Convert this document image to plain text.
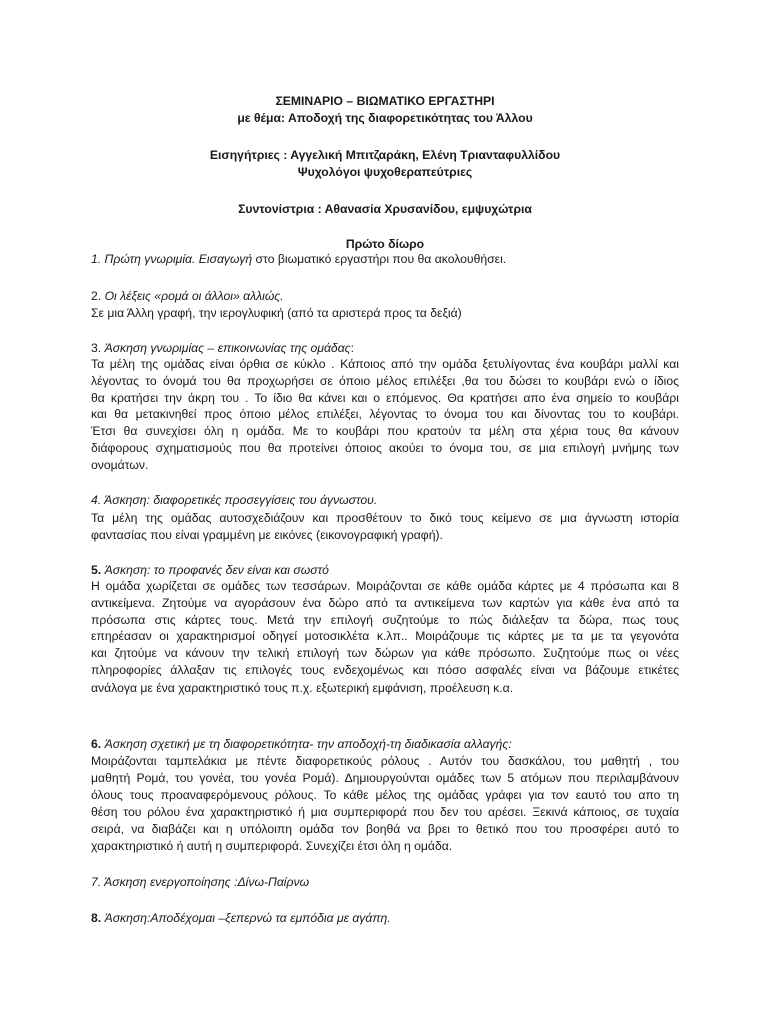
ΣΕΜΙΝΑΡΙΟ – ΒΙΩΜΑΤΙΚΟ ΕΡΓΑΣΤΗΡΙ
με θέμα: Αποδοχή της διαφορετικότητας του Άλλου
Εισηγήτριες : Αγγελική Μπιτζαράκη, Ελένη Τριανταφυλλίδου
Ψυχολόγοι ψυχοθεραπεύτριες
Συντονίστρια : Αθανασία Χρυσανίδου, εμψυχώτρια
Πρώτο δίωρο
1. Πρώτη γνωριμία. Εισαγωγή στο βιωματικό εργαστήρι που θα ακολουθήσει.
2. Οι λέξεις «ρομά οι άλλοι» αλλιώς.
Σε μια Άλλη γραφή, την ιερογλυφική (από τα αριστερά προς τα δεξιά)
3. Άσκηση γνωριμίας – επικοινωνίας της ομάδας:
Τα μέλη της ομάδας είναι όρθια σε κύκλο . Κάποιος από την ομάδα ξετυλίγοντας ένα κουβάρι μαλλί και
λέγοντας το όνομά του θα προχωρήσει σε όποιο μέλος επιλέξει ,θα του δώσει το κουβάρι ενώ ο ίδιος
θα κρατήσει την άκρη του . Το ίδιο θα κάνει και ο επόμενος. Θα κρατήσει απο ένα σημείο το κουβάρι
και θα μετακινηθεί προς όποιο μέλος επιλέξει, λέγοντας το όνομα του και δίνοντας του το κουβάρι.
Έτσι θα συνεχίσει όλη η ομάδα. Με το κουβάρι που κρατούν τα μέλη στα χέρια τους θα κάνουν
διάφορους σχηματισμούς που θα προτείνει όποιος ακούει το όνομα του, σε μια επιλογή μνήμης των
ονομάτων.
4. Άσκηση: διαφορετικές προσεγγίσεις του άγνωστου.
Τα μέλη της ομάδας αυτοσχεδιάζουν και προσθέτουν το δικό τους κείμενο σε μια άγνωστη ιστορία
φαντασίας που είναι γραμμένη με εικόνες (εικονογραφική γραφή).
5. Άσκηση: το προφανές δεν είναι και σωστό
Η ομάδα χωρίζεται σε ομάδες των τεσσάρων. Μοιράζονται σε κάθε ομάδα κάρτες με 4 πρόσωπα και 8
αντικείμενα. Ζητούμε να αγοράσουν ένα δώρο από τα αντικείμενα των καρτών για κάθε ένα από τα
πρόσωπα στις κάρτες τους. Μετά την επιλογή συζητούμε το πώς διάλεξαν τα δώρα, πως τους
επηρέασαν οι χαρακτηρισμοί οδηγεί μοτοσικλέτα κ.λπ.. Μοιράζουμε τις κάρτες με τα με τα γεγονότα
και ζητούμε να κάνουν την τελική επιλογή των δώρων για κάθε πρόσωπο. Συζητούμε πως οι νέες
πληροφορίες άλλαξαν τις επιλογές τους ενδεχομένως και πόσο ασφαλές είναι να βάζουμε ετικέτες
ανάλογα με ένα χαρακτηριστικό τους π.χ. εξωτερική εμφάνιση, προέλευση κ.α.
6. Άσκηση σχετική με τη διαφορετικότητα- την αποδοχή-τη διαδικασία αλλαγής:
Μοιράζονται ταμπελάκια με πέντε διαφορετικούς ρόλους . Αυτόν του δασκάλου, του μαθητή , του
μαθητή Ρομά, του γονέα, του γονέα Ρομά). Δημιουργούνται ομάδες των 5 ατόμων που περιλαμβάνουν
όλους τους προαναφερόμενους ρόλους. Το κάθε μέλος της ομάδας γράφει για τον εαυτό του απο τη
θέση του ρόλου ένα χαρακτηριστικό ή μια συμπεριφορά που δεν του αρέσει. Ξεκινά κάποιος, σε τυχαία
σειρά, να διαβάζει και η υπόλοιπη ομάδα τον βοηθά να βρει το θετικό που του προσφέρει αυτό το
χαρακτηριστικό ή αυτή η συμπεριφορά. Συνεχίζει έτσι όλη η ομάδα.
7. Άσκηση ενεργοποίησης :Δίνω-Παίρνω
8. Άσκηση:Αποδέχομαι –ξεπερνώ τα εμπόδια με αγάπη.
